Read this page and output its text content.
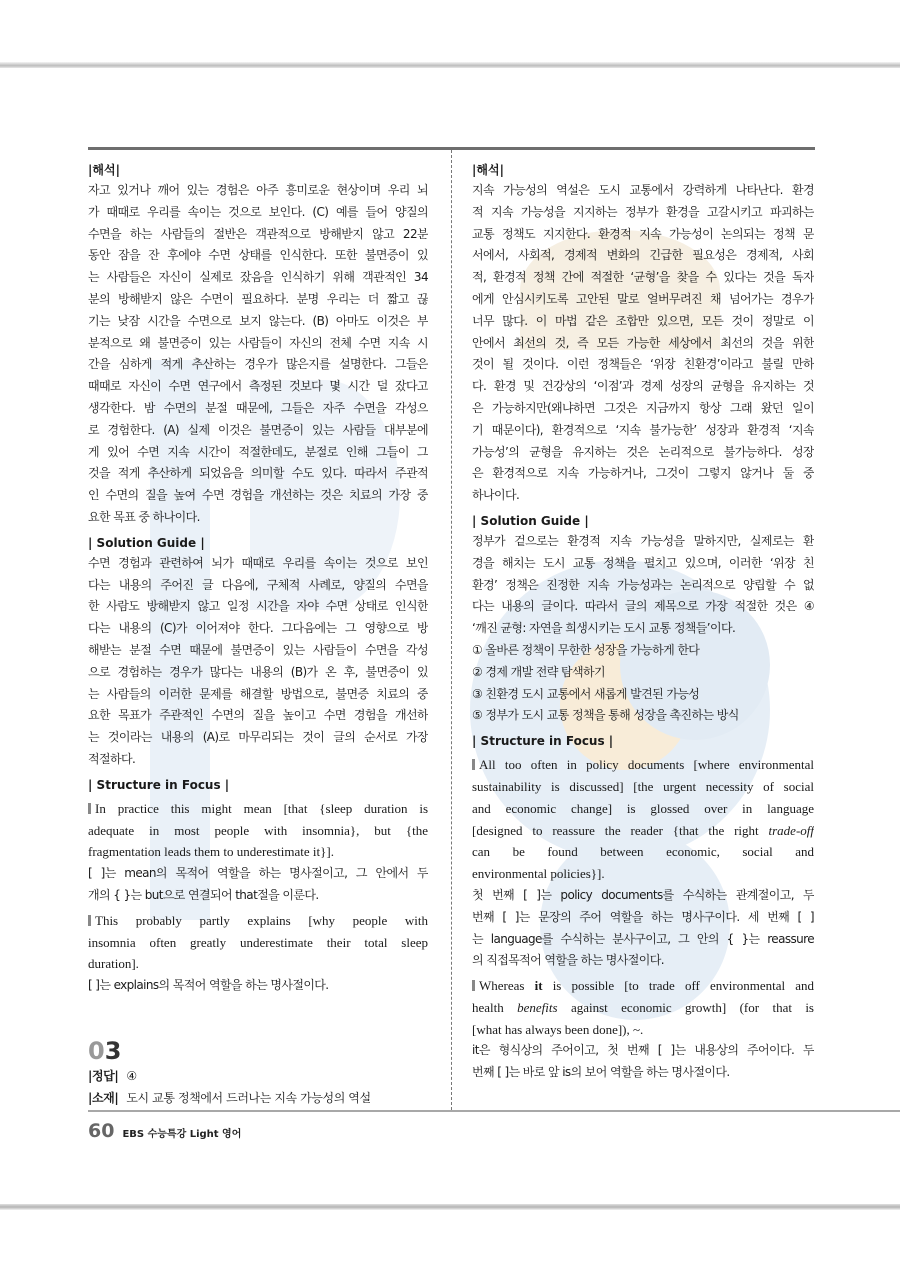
|해석|
자고 있거나 깨어 있는 경험은 아주 흥미로운 현상이며 우리 뇌
가 때때로 우리를 속이는 것으로 보인다. (C) 예를 들어 양질의
수면을 하는 사람들의 절반은 객관적으로 방해받지 않고 22분
동안 잠을 잔 후에야 수면 상태를 인식한다. 또한 불면증이 있
는 사람들은 자신이 실제로 잤음을 인식하기 위해 객관적인 34
분의 방해받지 않은 수면이 필요하다. 분명 우리는 더 짧고 끊
기는 낮잠 시간을 수면으로 보지 않는다. (B) 아마도 이것은 부
분적으로 왜 불면증이 있는 사람들이 자신의 전체 수면 지속 시
간을 심하게 적게 추산하는 경우가 많은지를 설명한다. 그들은
때때로 자신이 수면 연구에서 측정된 것보다 몇 시간 덜 잤다고
생각한다. 밤 수면의 분절 때문에, 그들은 자주 수면을 각성으
로 경험한다. (A) 실제 이것은 불면증이 있는 사람들 대부분에
게 있어 수면 지속 시간이 적절한데도, 분절로 인해 그들이 그
것을 적게 추산하게 되었음을 의미할 수도 있다. 따라서 주관적
인 수면의 질을 높여 수면 경험을 개선하는 것은 치료의 가장 중
요한 목표 중 하나이다.
| Solution Guide |
수면 경험과 관련하여 뇌가 때때로 우리를 속이는 것으로 보인
다는 내용의 주어진 글 다음에, 구체적 사례로, 양질의 수면을
한 사람도 방해받지 않고 일정 시간을 자야 수면 상태로 인식한
다는 내용의 (C)가 이어져야 한다. 그다음에는 그 영향으로 방
해받는 분절 수면 때문에 불면증이 있는 사람들이 수면을 각성
으로 경험하는 경우가 많다는 내용의 (B)가 온 후, 불면증이 있
는 사람들의 이러한 문제를 해결할 방법으로, 불면증 치료의 중
요한 목표가 주관적인 수면의 질을 높이고 수면 경험을 개선하
는 것이라는 내용의 (A)로 마무리되는 것이 글의 순서로 가장
적절하다.
| Structure in Focus |
In practice this might mean [that {sleep duration is
adequate in most people with insomnia}, but {the
fragmentation leads them to underestimate it}].
[ ]는 mean의 목적어 역할을 하는 명사절이고, 그 안에서 두
개의 { }는 but으로 연결되어 that절을 이룬다.
This probably partly explains [why people with
insomnia often greatly underestimate their total sleep
duration].
[ ]는 explains의 목적어 역할을 하는 명사절이다.
03
|정답| ④
|소재| 도시 교통 정책에서 드러나는 지속 가능성의 역설
|해석|
지속 가능성의 역설은 도시 교통에서 강력하게 나타난다. 환경
적 지속 가능성을 지지하는 정부가 환경을 고갈시키고 파괴하는
교통 정책도 지지한다. 환경적 지속 가능성이 논의되는 정책 문
서에서, 사회적, 경제적 변화의 긴급한 필요성은 경제적, 사회
적, 환경적 정책 간에 적절한 ‘균형’을 찾을 수 있다는 것을 독자
에게 안심시키도록 고안된 말로 얼버무려진 채 넘어가는 경우가
너무 많다. 이 마법 같은 조합만 있으면, 모든 것이 정말로 이
안에서 최선의 것, 즉 모든 가능한 세상에서 최선의 것을 위한
것이 될 것이다. 이런 정책들은 ‘위장 친환경’이라고 불릴 만하
다. 환경 및 건강상의 ‘이점’과 경제 성장의 균형을 유지하는 것
은 가능하지만(왜냐하면 그것은 지금까지 항상 그래 왔던 일이
기 때문이다), 환경적으로 ‘지속 불가능한’ 성장과 환경적 ‘지속
가능성’의 균형을 유지하는 것은 논리적으로 불가능하다. 성장
은 환경적으로 지속 가능하거나, 그것이 그렇지 않거나 둘 중
하나이다.
| Solution Guide |
정부가 겉으로는 환경적 지속 가능성을 말하지만, 실제로는 환
경을 해치는 도시 교통 정책을 펼치고 있으며, 이러한 ‘위장 친
환경’ 정책은 진정한 지속 가능성과는 논리적으로 양립할 수 없
다는 내용의 글이다. 따라서 글의 제목으로 가장 적절한 것은 ④
‘깨진 균형: 자연을 희생시키는 도시 교통 정책들’이다.
① 올바른 정책이 무한한 성장을 가능하게 한다
② 경제 개발 전략 탐색하기
③ 친환경 도시 교통에서 새롭게 발견된 가능성
⑤ 정부가 도시 교통 정책을 통해 성장을 촉진하는 방식
| Structure in Focus |
All too often in policy documents [where environmental
sustainability is discussed] [the urgent necessity of social
and economic change] is glossed over in language
[designed to reassure the reader {that the right trade-off
can be found between economic, social and
environmental policies}].
첫 번째 [ ]는 policy documents를 수식하는 관계절이고, 두
번째 [ ]는 문장의 주어 역할을 하는 명사구이다. 세 번째 [ ]
는 language를 수식하는 분사구이고, 그 안의 { }는 reassure
의 직접목적어 역할을 하는 명사절이다.
Whereas it is possible [to trade off environmental and
health benefits against economic growth] (for that is
[what has always been done]), ~.
it은 형식상의 주어이고, 첫 번째 [ ]는 내용상의 주어이다. 두
번째 [ ]는 바로 앞 is의 보어 역할을 하는 명사절이다.
60 EBS 수능특강 Light 영어
